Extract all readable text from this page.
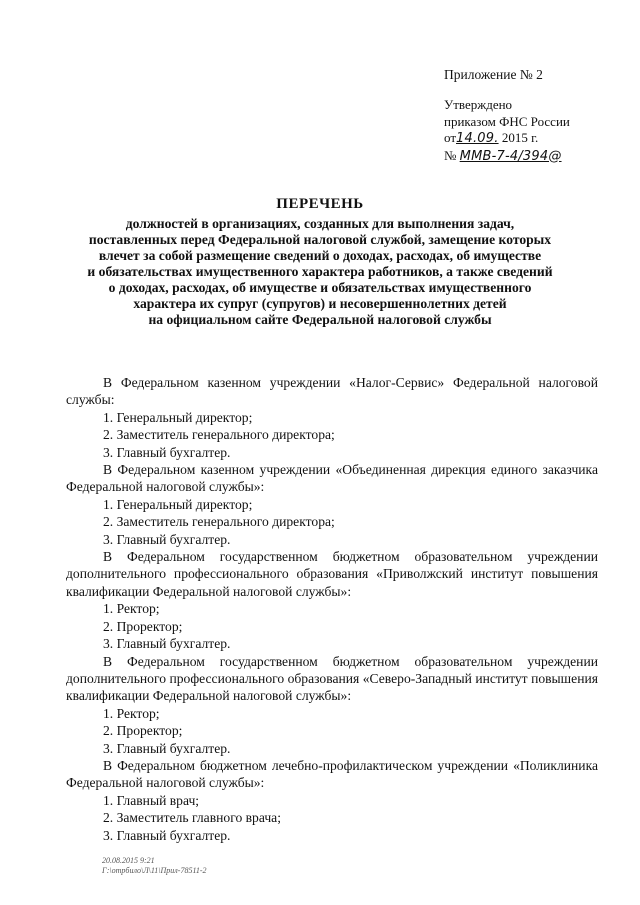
Приложение № 2
Утверждено
приказом ФНС России
от14.09. 2015 г.
№ ММВ-7-4/394@
ПЕРЕЧЕНЬ
должностей в организациях, созданных для выполнения задач,
поставленных перед Федеральной налоговой службой, замещение которых
влечет за собой размещение сведений о доходах, расходах, об имуществе
и обязательствах имущественного характера работников, а также сведений
о доходах, расходах, об имуществе и обязательствах имущественного
характера их супруг (супругов) и несовершеннолетних детей
на официальном сайте Федеральной налоговой службы

В Федеральном казенном учреждении «Налог-Сервис» Федеральной налоговой службы:

1. Генеральный директор;

2. Заместитель генерального директора;

3. Главный бухгалтер.

В Федеральном казенном учреждении «Объединенная дирекция единого заказчика Федеральной налоговой службы»:

1. Генеральный директор;

2. Заместитель генерального директора;

3. Главный бухгалтер.

В Федеральном государственном бюджетном образовательном учреждении дополнительного профессионального образования «Приволжский институт повышения квалификации Федеральной налоговой службы»:

1. Ректор;

2. Проректор;

3. Главный бухгалтер.

В Федеральном государственном бюджетном образовательном учреждении дополнительного профессионального образования «Северо-Западный институт повышения квалификации Федеральной налоговой службы»:

1. Ректор;

2. Проректор;

3. Главный бухгалтер.

В Федеральном бюджетном лечебно-профилактическом учреждении «Поликлиника Федеральной налоговой службы»:

1. Главный врач;

2. Заместитель главного врача;

3. Главный бухгалтер.

20.08.2015 9:21
Г:\отрбило\Л\11\Прил-78511-2
